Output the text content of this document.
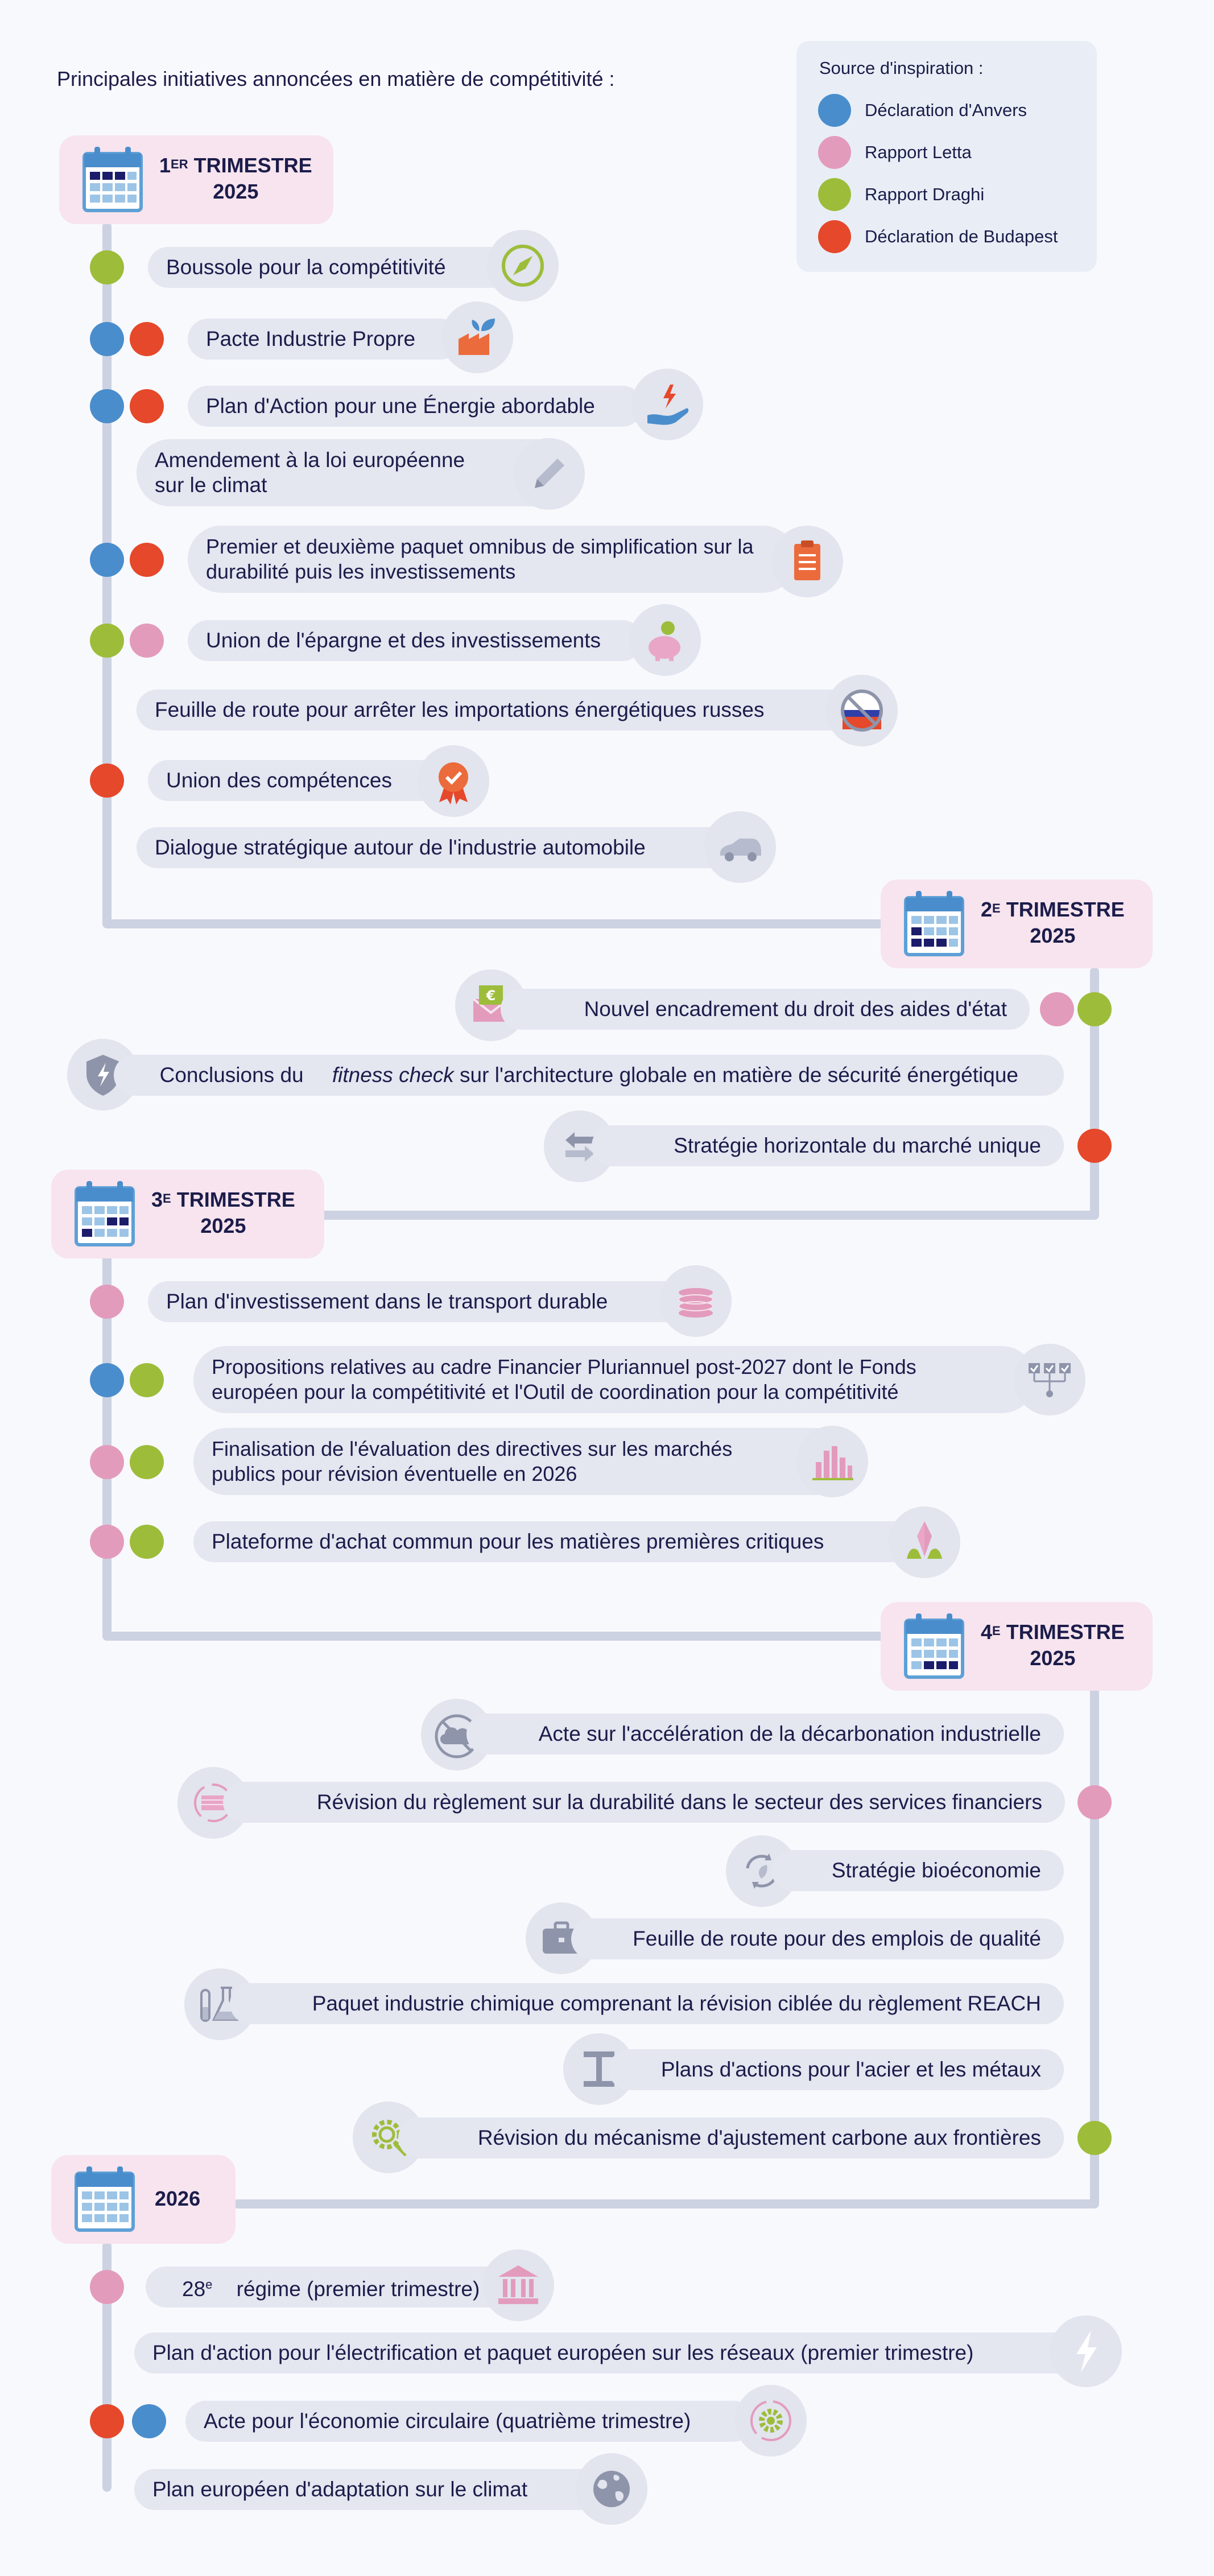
Principales initiatives annoncées en matière de compétitivité :	Source d'inspiration :
Déclaration d'Anvers
Rapport Letta
Rapport Draghi
Déclaration de Budapest
1ER TRIMESTRE
2025
$2^E$ TRIMESTRE
2025
$3^E$ TRIMESTRE
2025
$4^E$ TRIMESTRE
2025
2026
Boussole pour la compétitivité
Pacte Industrie Propre
Plan d'Action pour une Énergie abordable
Amendement à la loi européenne sur le climat
Premier et deuxième paquet omnibus de simplification sur la durabilité puis les investissements
Union de l'épargne et des investissements
Feuille de route pour arrêter les importations énergétiques russes
Union des compétences
Dialogue stratégique autour de l'industrie automobile
€
Nouvel encadrement du droit des aides d'état
Conclusions du fitness check sur l'architecture globale en matière de sécurité énergétique
Stratégie horizontale du marché unique
Plan d'investissement dans le transport durable
Propositions relatives au cadre Financier Pluriannuel post-2027 dont le Fonds européen pour la compétitivité et l'Outil de coordination pour la compétitivité
Finalisation de l'évaluation des directives sur les marchés publics pour révision éventuelle en 2026
Plateforme d'achat commun pour les matières premières critiques
Acte sur l'accélération de la décarbonation industrielle
Révision du règlement sur la durabilité dans le secteur des services financiers
Stratégie bioéconomie
Feuille de route pour des emplois de qualité
Paquet industrie chimique comprenant la révision ciblée du règlement REACH
Plans d'actions pour l'acier et les métaux
Révision du mécanisme d'ajustement carbone aux frontières
28e régime (premier trimestre)
Plan d'action pour l'électrification et paquet européen sur les réseaux (premier trimestre)
Acte pour l'économie circulaire (quatrième trimestre)
Plan européen d'adaptation sur le climat
